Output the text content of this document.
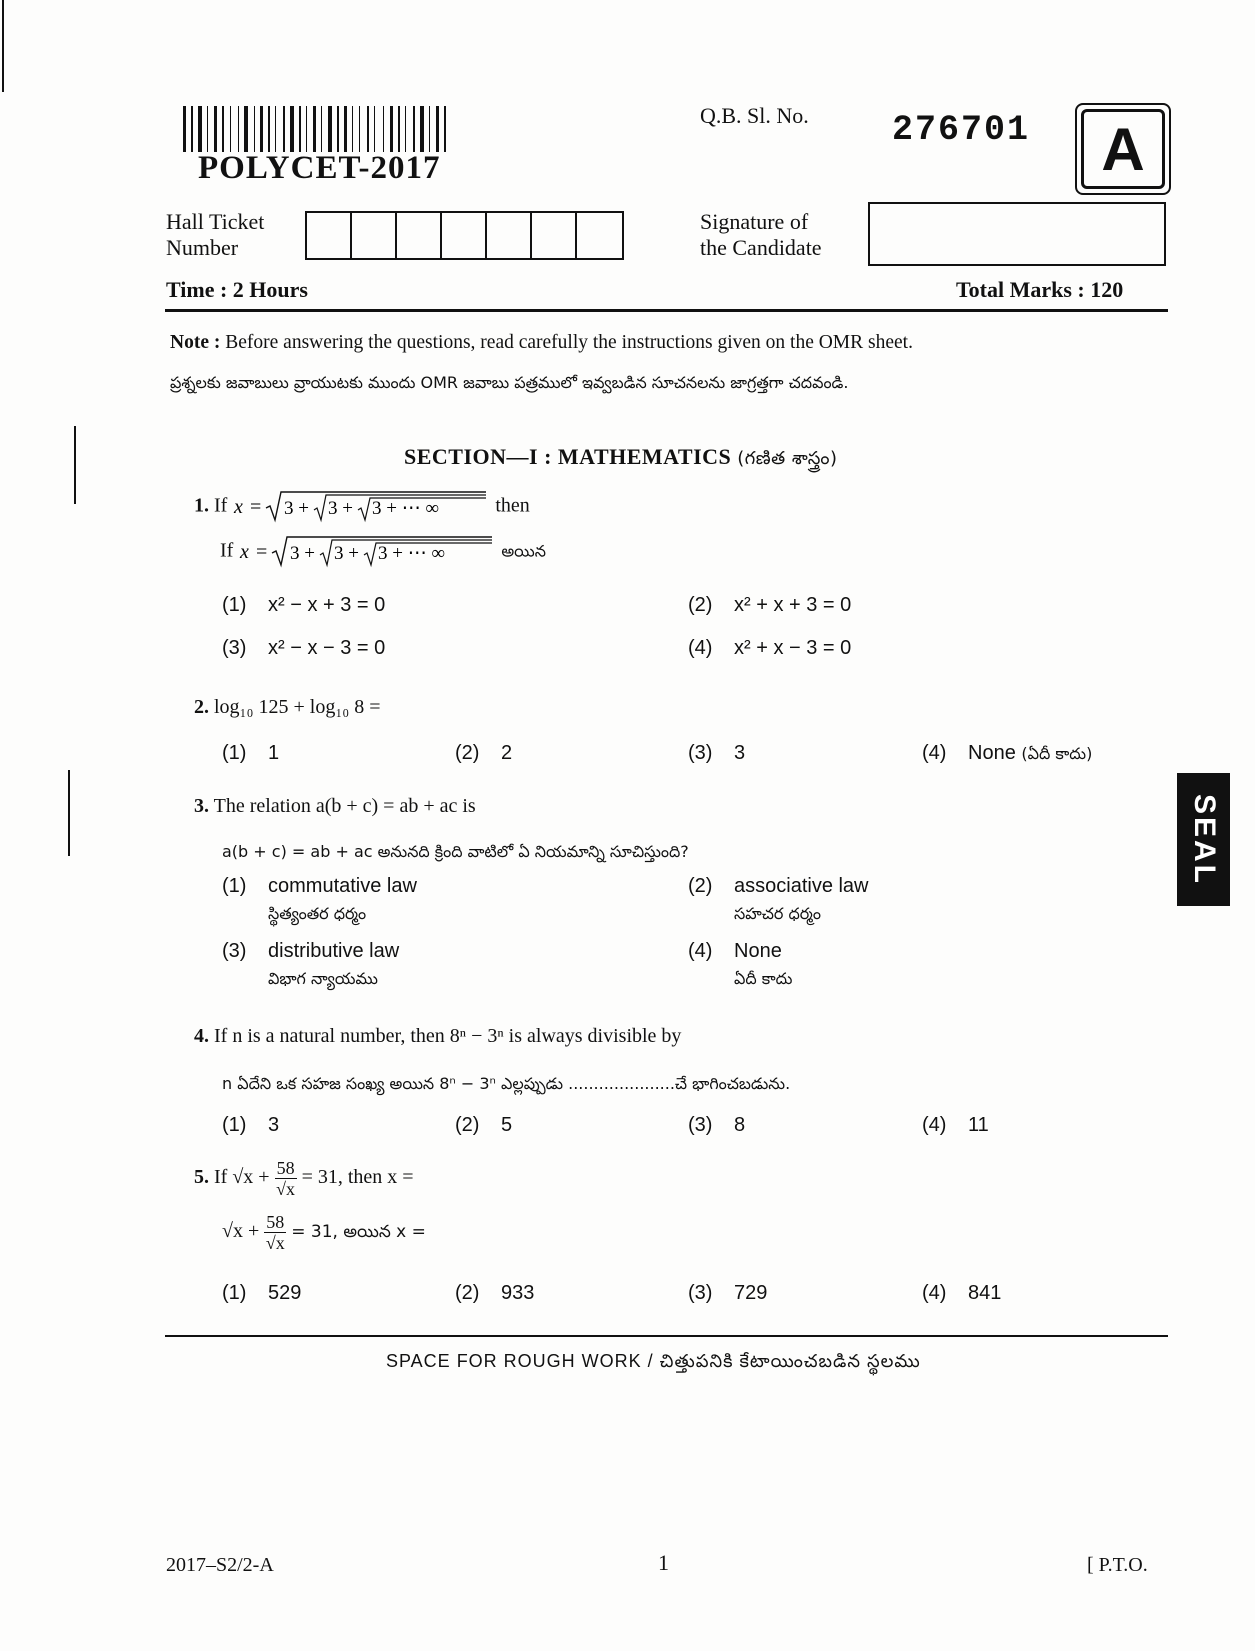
POLYCET-2017
Q.B. Sl. No. 276701	A
Hall Ticket
Number
Signature of
the Candidate
Time : 2 Hours	Total Marks : 120
Note : Before answering the questions, read carefully the instructions given on the OMR sheet.
ప్రశ్నలకు జవాబులు వ్రాయుటకు ముందు OMR జవాబు పత్రములో ఇవ్వబడిన సూచనలను జాగ్రత్తగా చదవండి.
SECTION—I : MATHEMATICS (గణిత శాస్త్రం)
1. If x = 3 + 3 + 3 + ⋯ ∞	then
If x = 3 + 3 + 3 + ⋯ ∞	అయిన
(1) x² − x + 3 = 0	(2) x² + x + 3 = 0
(3) x² − x − 3 = 0	(4) x² + x − 3 = 0
2. log₁₀ 125 + log₁₀ 8 =
(1) 1	(2) 2	(3) 3	(4) None (ఏదీ కాదు)
3. The relation a(b + c) = ab + ac is
a(b + c) = ab + ac అనునది క్రింది వాటిలో ఏ నియమాన్ని సూచిస్తుంది?
(1) commutative law
స్థిత్యంతర ధర్మం
(2) associative law
సహచర ధర్మం
(3) distributive law
విభాగ న్యాయము
(4) None
ఏదీ కాదు
4. If n is a natural number, then 8ⁿ − 3ⁿ is always divisible by
n ఏదేని ఒక సహజ సంఖ్య అయిన 8ⁿ − 3ⁿ ఎల్లప్పుడు .....................చే భాగించబడును.
(1) 3	(2) 5	(3) 8	(4) 11
5. If $√x + \frac{58}{√x} = 31$, then x =
$√x + \frac{58}{√x} = 31$, అయిన x =
(1) 529	(2) 933	(3) 729	(4) 841
SPACE FOR ROUGH WORK / చిత్తుపనికి కేటాయించబడిన స్థలము
SEAL
2017–S2/2-A	1	[ P.T.O.
